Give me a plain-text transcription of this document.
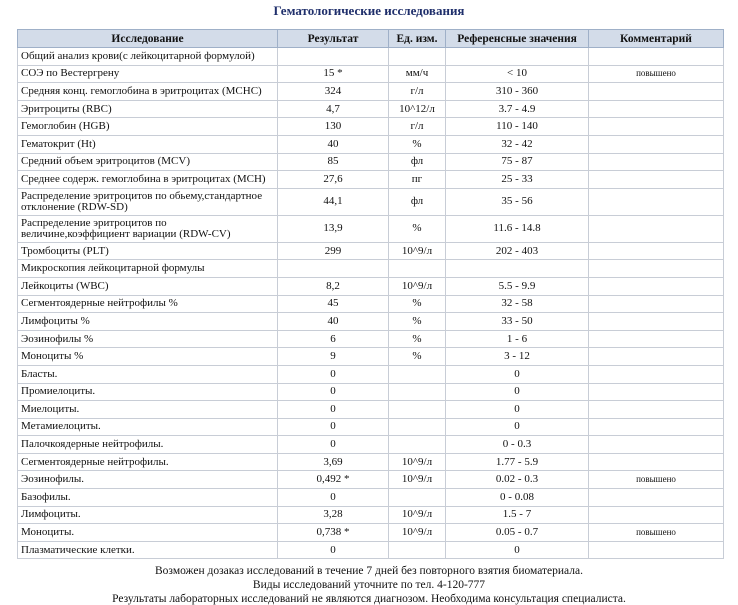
Гематологические исследования
Исследование	Результат	Ед. изм.	Референсные значения	Комментарий
Общий анализ крови(с лейкоцитарной формулой)				
СОЭ по Вестергрену	15 *	мм/ч	< 10	повышено
Средняя конц. гемоглобина в эритроцитах (MCHC)	324	г/л	310 - 360	
Эритроциты (RBC)	4,7	10^12/л	3.7 - 4.9	
Гемоглобин (HGB)	130	г/л	110 - 140	
Гематокрит (Ht)	40	%	32 - 42	
Средний объем эритроцитов (MCV)	85	фл	75 - 87	
Среднее содерж. гемоглобина в эритроцитах (MCH)	27,6	пг	25 - 33	
Распределение эритроцитов по обьему,стандартное отклонение (RDW-SD)	44,1	фл	35 - 56	
Распределение эритроцитов по величине,коэффициент вариации (RDW-CV)	13,9	%	11.6 - 14.8	
Тромбоциты (PLT)	299	10^9/л	202 - 403	
Микроскопия лейкоцитарной формулы				
Лейкоциты (WBC)	8,2	10^9/л	5.5 - 9.9	
Сегментоядерные нейтрофилы %	45	%	32 - 58	
Лимфоциты %	40	%	33 - 50	
Эозинофилы %	6	%	1 - 6	
Моноциты %	9	%	3 - 12	
Бласты.	0		0	
Промиелоциты.	0		0	
Миелоциты.	0		0	
Метамиелоциты.	0		0	
Палочкоядерные нейтрофилы.	0		0 - 0.3	
Сегментоядерные нейтрофилы.	3,69	10^9/л	1.77 - 5.9	
Эозинофилы.	0,492 *	10^9/л	0.02 - 0.3	повышено
Базофилы.	0		0 - 0.08	
Лимфоциты.	3,28	10^9/л	1.5 - 7	
Моноциты.	0,738 *	10^9/л	0.05 - 0.7	повышено
Плазматические клетки.	0		0	
Возможен дозаказ исследований в течение 7 дней без повторного взятия биоматериала.
Виды исследований уточните по тел. 4-120-777
Результаты лабораторных исследований не являются диагнозом. Необходима консультация специалиста.
